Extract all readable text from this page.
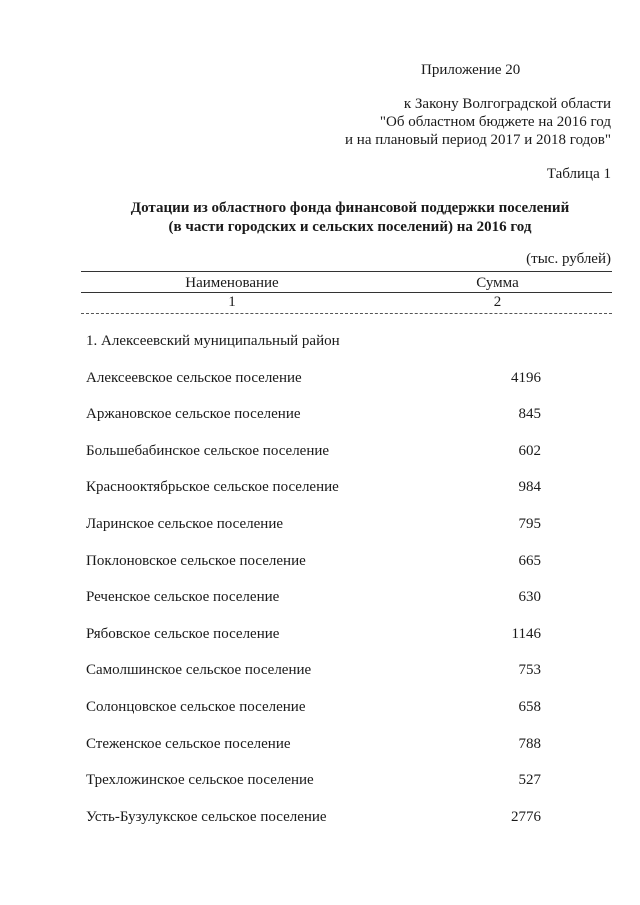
Приложение 20
к Закону Волгоградской области
"Об областном бюджете на 2016 год
и на плановый период 2017 и 2018 годов"
Таблица 1
Дотации из областного фонда финансовой поддержки поселений
(в части городских и сельских поселений) на 2016 год
(тыс. рублей)
Наименование	Сумма
1	2
1. Алексеевский муниципальный район
Алексеевское сельское поселение	4196
Аржановское сельское поселение	845
Большебабинское сельское поселение	602
Краснооктябрьское сельское поселение	984
Ларинское сельское поселение	795
Поклоновское сельское поселение	665
Реченское сельское поселение	630
Рябовское сельское поселение	1146
Самолшинское сельское поселение	753
Солонцовское сельское поселение	658
Стеженское сельское поселение	788
Трехложинское сельское поселение	527
Усть-Бузулукское сельское поселение	2776
